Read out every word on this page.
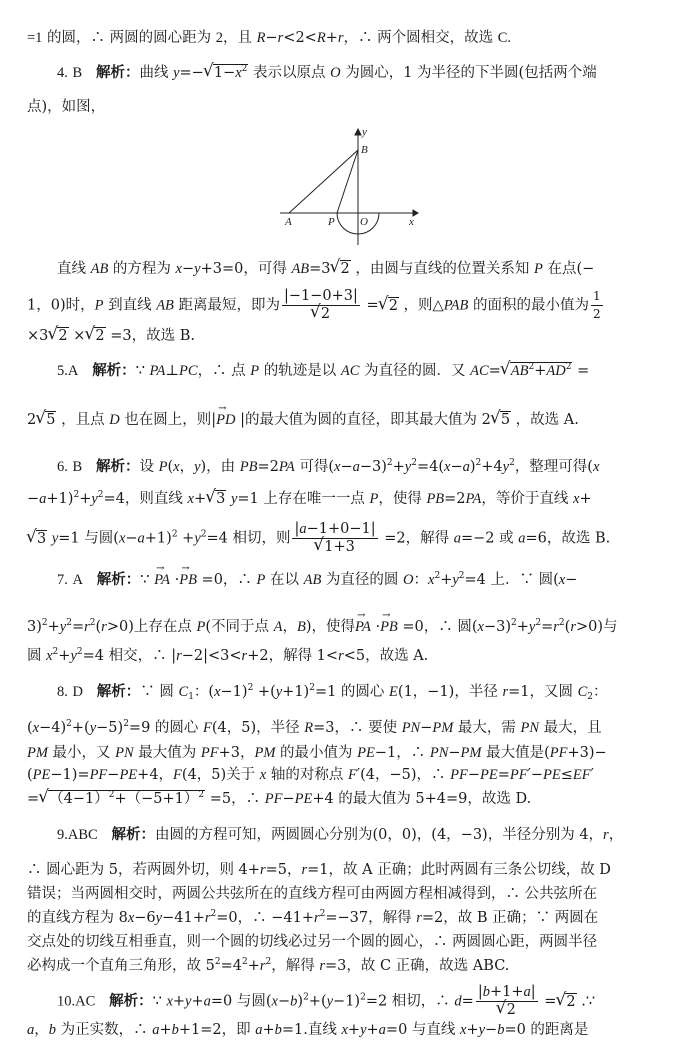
=1 的圆，∴ 两圆的圆心距为 2，且 R−r<2<R+r，∴ 两个圆相交，故选 C.
4. B 解析：曲线 y=− √ $1-x^2$ 表示以原点 O 为圆心，1 为半径的下半圆(包括两个端
点)，如图，
y
B
A	P O	x
直线 AB 的方程为 x−y+3=0，可得 AB=3 √ 2 ，由圆与直线的位置关系知 P 在点(−
1，0)时，P 到直线 AB 距离最短，即为 |−1−0+3|
√ 2 = √ 2 ，则△PAB 的面积的最小值为 $\frac{1}{2}$
×3 √ 2 × √ 2 =3，故选 B.
5.A 解析：∵ PA⊥PC，∴ 点 P 的轨迹是以 AC 为直径的圆．又 AC= √ $AB^2+AD^2$ =
2 √ 5 ，且点 D 也在圆上，则|→ PD |的最大值为圆的直径，即其最大值为 2 √ 5 ，故选 A.
6. B 解析：设 P(x，y)，由 PB=2PA 可得$(x-a-3)^2+y^2=4(x-a)^2+4y^2$，整理可得(x
$-a+1)^2+y^2=4$，则直线 x+ √ 3 y=1 上存在唯一一点 P，使得 PB=2PA，等价于直线 x+
√ 3 y=1 与圆$(x-a+1)^2 +y^2=4$ 相切，则 |a−1+0−1|
√ 1+3 =2，解得 a=−2 或 a=6，故选 B.
7. A 解析：∵ → PA ·→ PB =0，∴ P 在以 AB 为直径的圆 O：$x^2+y^2=4$ 上．∵ 圆(x−
$3)^2+y^2=r^2(r>0)$上存在点 P(不同于点 A，B)，使得→ PA ·→ PB =0，∴ 圆$(x-3)^2+y^2=r^2(r>0)$与
圆 $x^2+y^2=4$ 相交，∴ |r−2|<3<r+2，解得 1<r<5，故选 A.
8. D 解析：∵ 圆 $C_1$：$(x-1)^2 +(y+1)^2=1$ 的圆心 E(1，−1)，半径 r=1，又圆 $C_2$：
$(x-4)^2+(y-5)^2=9$ 的圆心 F(4，5)，半径 R=3，∴ 要使 PN−PM 最大，需 PN 最大，且
PM 最小，又 PN 最大值为 PF+3，PM 的最小值为 PE−1，∴ PN−PM 最大值是(PF+3)−
(PE−1)=PF−PE+4，F(4，5)关于 x 轴的对称点 F′(4，−5)，∴ PF−PE=PF′−PE≤EF′
= √ $(4-1)^2+(-5+1)^2 =5$，∴ PF−PE+4 的最大值为 5+4=9，故选 D.
9.ABC 解析：由圆的方程可知，两圆圆心分别为(0，0)，(4，−3)，半径分别为 4，r，
∴ 圆心距为 5，若两圆外切，则 4+r=5，r=1，故 A 正确；此时两圆有三条公切线，故 D
错误；当两圆相交时，两圆公共弦所在的直线方程可由两圆方程相减得到，∴ 公共弦所在
的直线方程为 $8x-6y-41+r^2=0$，∴ $-41+r^2=-37$，解得 r=2，故 B 正确；∵ 两圆在
交点处的切线互相垂直，则一个圆的切线必过另一个圆的圆心，∴ 两圆圆心距，两圆半径
必构成一个直角三角形，故 $5^2=4^2+r^2$，解得 r=3，故 C 正确，故选 ABC.
10.AC 解析：∵ x+y+a=0 与圆$(x-b)^2+(y-1)^2=2$ 相切，∴ d= |b+1+a|
√ 2 = √ 2 .∵
a，b 为正实数，∴ a+b+1=2，即 a+b=1.直线 x+y+a=0 与直线 x+y−b=0 的距离是
